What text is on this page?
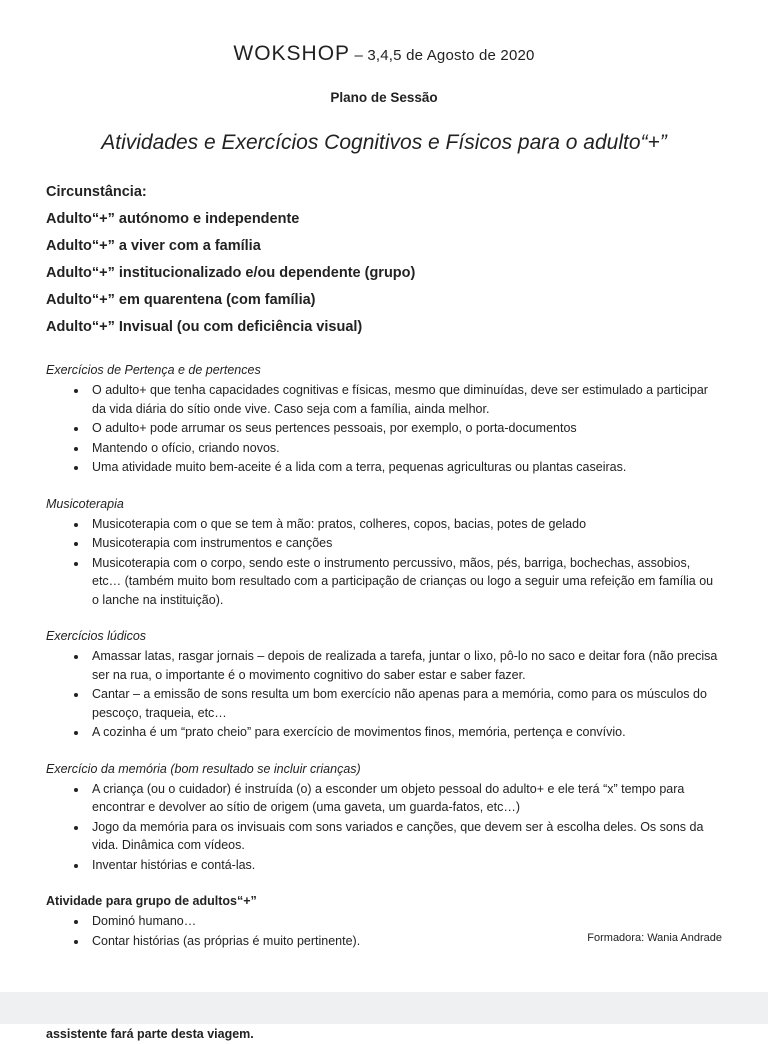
WOKSHOP – 3,4,5 de Agosto de 2020

Plano de Sessão

Atividades e Exercícios Cognitivos e Físicos para o adulto“+”

Circunstância:

Adulto“+” autónomo e independente

Adulto“+” a viver com a família

Adulto“+” institucionalizado e/ou dependente (grupo)

Adulto“+” em quarentena (com família)

Adulto“+” Invisual (ou com deficiência visual)

Exercícios de Pertença e de pertences

• O adulto+ que tenha capacidades cognitivas e físicas, mesmo que diminuídas, deve ser estimulado a participar da vida diária do sítio onde vive. Caso seja com a família, ainda melhor.
• O adulto+ pode arrumar os seus pertences pessoais, por exemplo, o porta-documentos
• Mantendo o ofício, criando novos.
• Uma atividade muito bem-aceite é a lida com a terra, pequenas agriculturas ou plantas caseiras.

Musicoterapia

• Musicoterapia com o que se tem à mão: pratos, colheres, copos, bacias, potes de gelado
• Musicoterapia com instrumentos e canções
• Musicoterapia com o corpo, sendo este o instrumento percussivo, mãos, pés, barriga, bochechas, assobios, etc… (também muito bom resultado com a participação de crianças ou logo a seguir uma refeição em família ou o lanche na instituição).

Exercícios lúdicos

• Amassar latas, rasgar jornais – depois de realizada a tarefa, juntar o lixo, pô-lo no saco e deitar fora (não precisa ser na rua, o importante é o movimento cognitivo do saber estar e saber fazer.
• Cantar – a emissão de sons resulta um bom exercício não apenas para a memória, como para os músculos do pescoço, traqueia, etc…
• A cozinha é um “prato cheio” para exercício de movimentos finos, memória, pertença e convívio.

Exercício da memória (bom resultado se incluir crianças)

• A criança (ou o cuidador) é instruída (o) a esconder um objeto pessoal do adulto+ e ele terá “x” tempo para encontrar e devolver ao sítio de origem (uma gaveta, um guarda-fatos, etc…)
• Jogo da memória para os invisuais com sons variados e canções, que devem ser à escolha deles. Os sons da vida. Dinâmica com vídeos.
• Inventar histórias e contá-las.

Atividade para grupo de adultos“+”

• Dominó humano…
• Contar histórias (as próprias é muito pertinente).

assistente fará parte desta viagem.

Formadora: Wania Andrade
